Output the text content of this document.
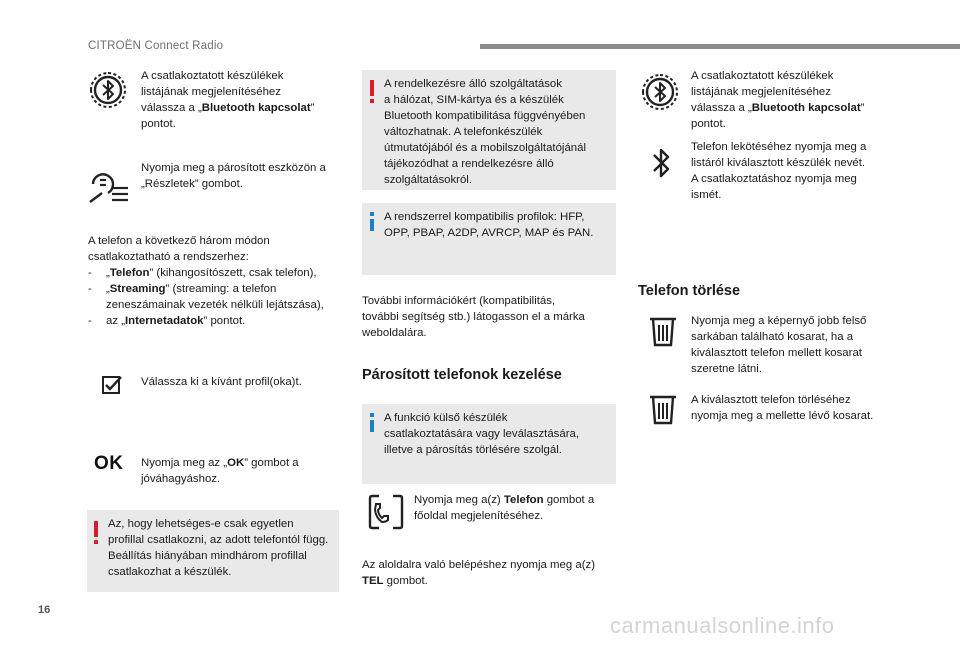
CITROËN Connect Radio
A csatlakoztatott készülékek
listájának megjelenítéséhez
válassza a „Bluetooth kapcsolat”
pontot.
Nyomja meg a párosított eszközön a
„Részletek” gombot.
A telefon a következő három módon
csatlakoztatható a rendszerhez:
- „Telefon” (kihangosítószett, csak telefon),
- „Streaming” (streaming: a telefon
zeneszámainak vezeték nélküli lejátszása),
- az „Internetadatok” pontot.
Válassza ki a kívánt profil(oka)t.
OK Nyomja meg az „OK” gombot a
jóváhagyáshoz.
Az, hogy lehetséges-e csak egyetlen
profillal csatlakozni, az adott telefontól függ.
Beállítás hiányában mindhárom profillal
csatlakozhat a készülék.
A rendelkezésre álló szolgáltatások
a hálózat, SIM-kártya és a készülék
Bluetooth kompatibilitása függvényében
változhatnak. A telefonkészülék
útmutatójából és a mobilszolgáltatójánál
tájékozódhat a rendelkezésre álló
szolgáltatásokról.
A rendszerrel kompatibilis profilok: HFP,
OPP, PBAP, A2DP, AVRCP, MAP és PAN.
További információkért (kompatibilitás,
további segítség stb.) látogasson el a márka
weboldalára.
Párosított telefonok kezelése
A funkció külső készülék
csatlakoztatására vagy leválasztására,
illetve a párosítás törlésére szolgál.
Nyomja meg a(z) Telefon gombot a
főoldal megjelenítéséhez.
Az aloldalra való belépéshez nyomja meg a(z)
TEL gombot.
A csatlakoztatott készülékek
listájának megjelenítéséhez
válassza a „Bluetooth kapcsolat”
pontot.
Telefon lekötéséhez nyomja meg a
listáról kiválasztott készülék nevét.
A csatlakoztatáshoz nyomja meg
ismét.
Telefon törlése
Nyomja meg a képernyő jobb felső
sarkában található kosarat, ha a
kiválasztott telefon mellett kosarat
szeretne látni.
A kiválasztott telefon törléséhez
nyomja meg a mellette lévő kosarat.
16
carmanualsonline.info
